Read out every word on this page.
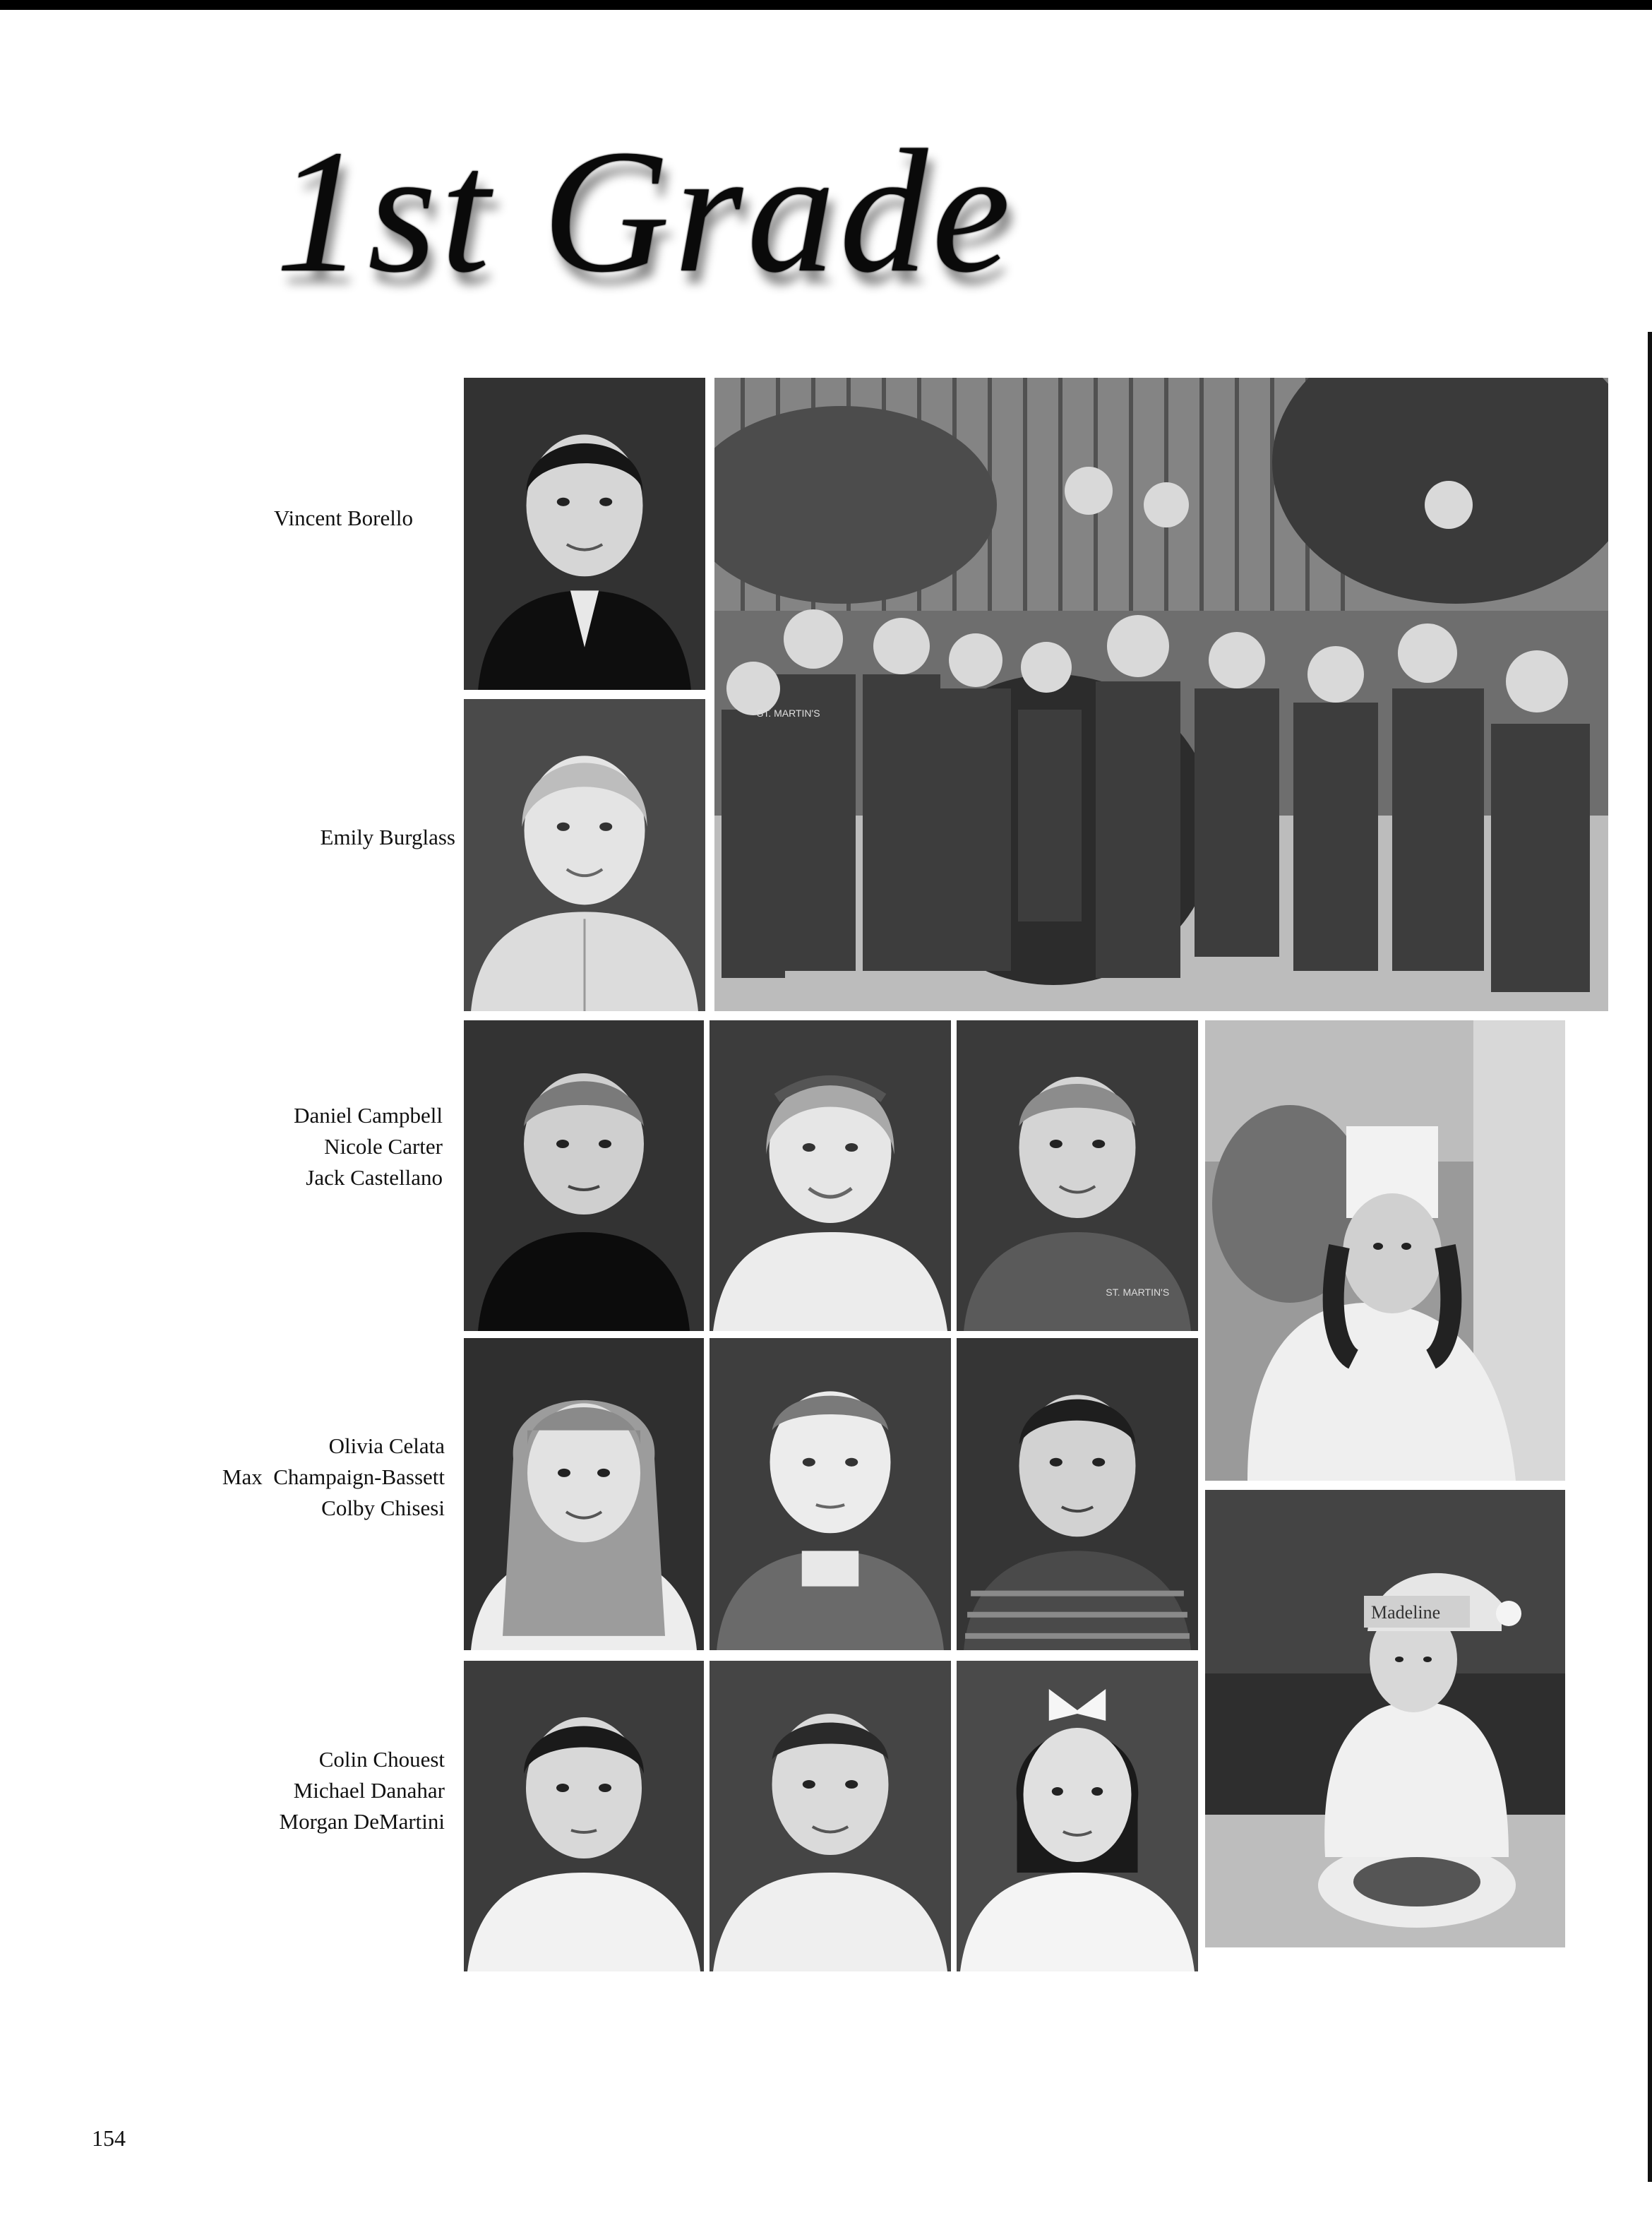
1st Grade
Vincent Borello
Emily Burglass
Daniel Campbell
Nicole Carter
Jack Castellano
Olivia Celata
Max  Champaign-Bassett
Colby Chisesi
Colin Chouest
Michael Danahar
Morgan DeMartini
ST. MARTIN'S
ST. MARTIN'S
Madeline
154
